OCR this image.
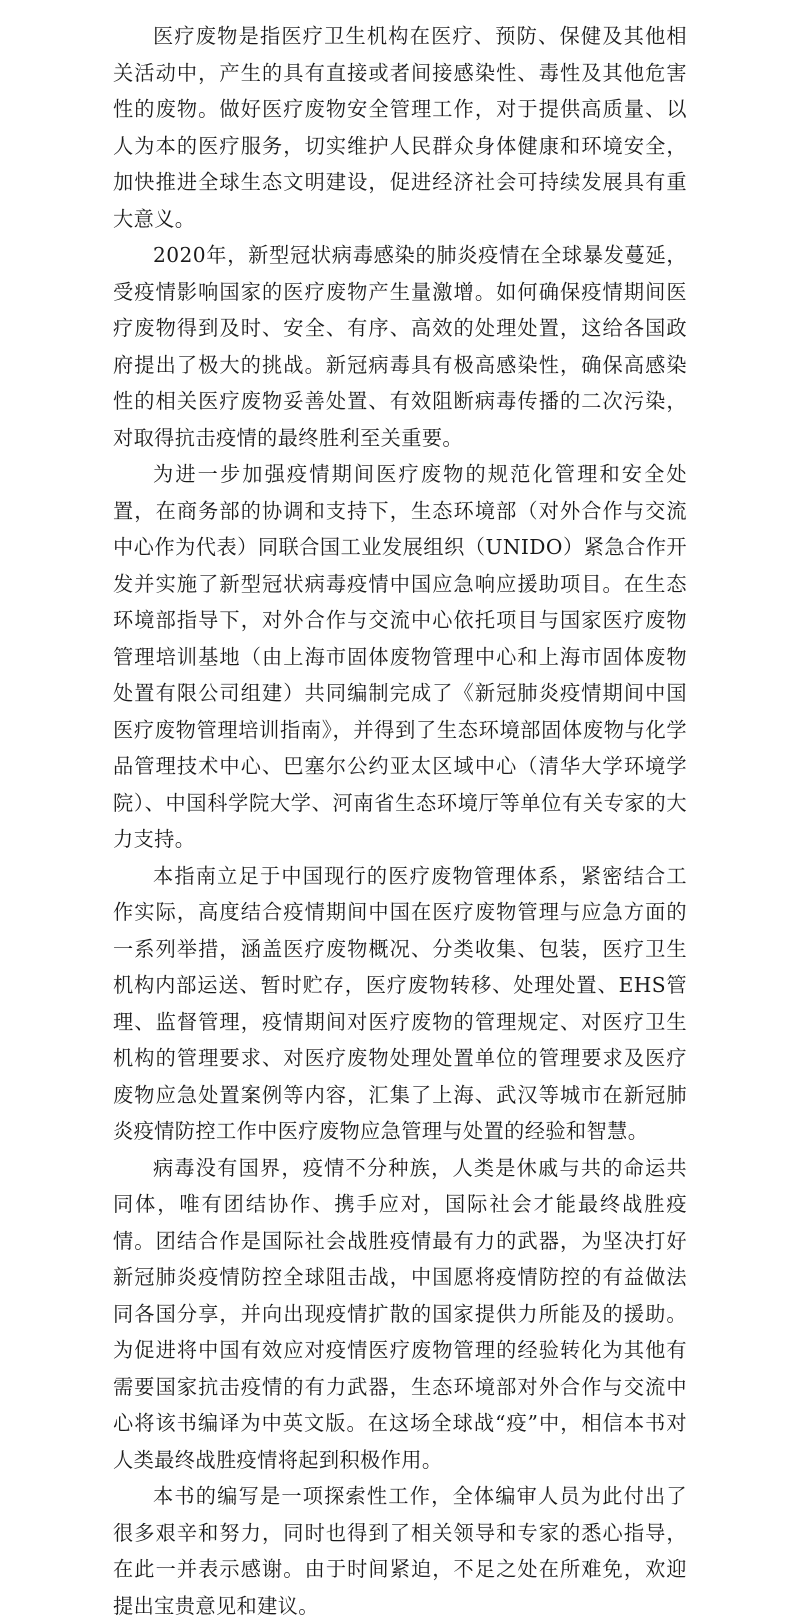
医疗废物是指医疗卫生机构在医疗、预防、保健及其他相关活动中，产生的具有直接或者间接感染性、毒性及其他危害性的废物。做好医疗废物安全管理工作，对于提供高质量、以人为本的医疗服务，切实维护人民群众身体健康和环境安全，加快推进全球生态文明建设，促进经济社会可持续发展具有重大意义。

2020年，新型冠状病毒感染的肺炎疫情在全球暴发蔓延，受疫情影响国家的医疗废物产生量激增。如何确保疫情期间医疗废物得到及时、安全、有序、高效的处理处置，这给各国政府提出了极大的挑战。新冠病毒具有极高感染性，确保高感染性的相关医疗废物妥善处置、有效阻断病毒传播的二次污染，对取得抗击疫情的最终胜利至关重要。

为进一步加强疫情期间医疗废物的规范化管理和安全处置，在商务部的协调和支持下，生态环境部（对外合作与交流中心作为代表）同联合国工业发展组织（UNIDO）紧急合作开发并实施了新型冠状病毒疫情中国应急响应援助项目。在生态环境部指导下，对外合作与交流中心依托项目与国家医疗废物管理培训基地（由上海市固体废物管理中心和上海市固体废物处置有限公司组建）共同编制完成了《新冠肺炎疫情期间中国医疗废物管理培训指南》，并得到了生态环境部固体废物与化学品管理技术中心、巴塞尔公约亚太区域中心（清华大学环境学院）、中国科学院大学、河南省生态环境厅等单位有关专家的大力支持。

本指南立足于中国现行的医疗废物管理体系，紧密结合工作实际，高度结合疫情期间中国在医疗废物管理与应急方面的一系列举措，涵盖医疗废物概况、分类收集、包装，医疗卫生机构内部运送、暂时贮存，医疗废物转移、处理处置、EHS管理、监督管理，疫情期间对医疗废物的管理规定、对医疗卫生机构的管理要求、对医疗废物处理处置单位的管理要求及医疗废物应急处置案例等内容，汇集了上海、武汉等城市在新冠肺炎疫情防控工作中医疗废物应急管理与处置的经验和智慧。

病毒没有国界，疫情不分种族，人类是休戚与共的命运共同体，唯有团结协作、携手应对，国际社会才能最终战胜疫情。团结合作是国际社会战胜疫情最有力的武器，为坚决打好新冠肺炎疫情防控全球阻击战，中国愿将疫情防控的有益做法同各国分享，并向出现疫情扩散的国家提供力所能及的援助。为促进将中国有效应对疫情医疗废物管理的经验转化为其他有需要国家抗击疫情的有力武器，生态环境部对外合作与交流中心将该书编译为中英文版。在这场全球战“疫”中，相信本书对人类最终战胜疫情将起到积极作用。

本书的编写是一项探索性工作，全体编审人员为此付出了很多艰辛和努力，同时也得到了相关领导和专家的悉心指导，在此一并表示感谢。由于时间紧迫，不足之处在所难免，欢迎提出宝贵意见和建议。
